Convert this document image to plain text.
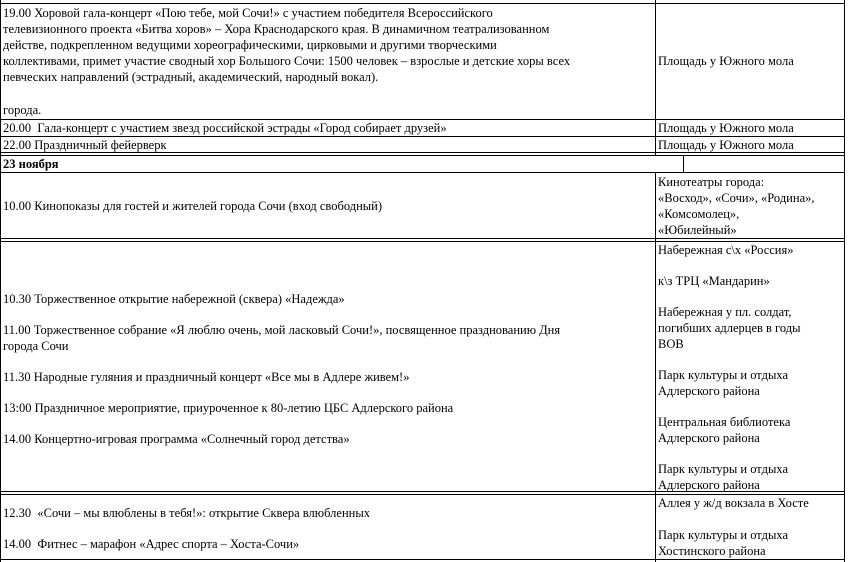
19.00 Хоровой гала-концерт «Пою тебе, мой Сочи!» с участием победителя Всероссийского
телевизионного проекта «Битва хоров» – Хора Краснодарского края. В динамичном театрализованном
действе, подкрепленном ведущими хореографическими, цирковыми и другими творческими
коллективами, примет участие сводный хор Большого Сочи: 1500 человек – взрослые и детские хоры всех
певческих направлений (эстрадный, академический, народный вокал).
города.
Площадь у Южного мола
20.00  Гала-концерт с участием звезд российской эстрады «Город собирает друзей»	Площадь у Южного мола
22.00 Праздничный фейерверк	Площадь у Южного мола
23 ноября
10.00 Кинопоказы для гостей и жителей города Сочи (вход свободный)
Кинотеатры города:
«Восход», «Сочи», «Родина»,
«Комсомолец»,
«Юбилейный»
10.30 Торжественное открытие набережной (сквера) «Надежда»
11.00 Торжественное собрание «Я люблю очень, мой ласковый Сочи!», посвященное празднованию Дня
города Сочи
11.30 Народные гуляния и праздничный концерт «Все мы в Адлере живем!»
13:00 Праздничное мероприятие, приуроченное к 80-летию ЦБС Адлерского района
14.00 Концертно-игровая программа «Солнечный город детства»
Набережная с\х «Россия»
к\з ТРЦ «Мандарин»
Набережная у пл. солдат,
погибших адлерцев в годы
ВОВ
Парк культуры и отдыха
Адлерского района
Центральная библиотека
Адлерского района
Парк культуры и отдыха
Адлерского района
12.30  «Сочи – мы влюблены в тебя!»: открытие Сквера влюбленных
14.00  Фитнес – марафон «Адрес спорта – Хоста-Сочи»
Аллея у ж/д вокзала в Хосте
Парк культуры и отдыха
Хостинского района
